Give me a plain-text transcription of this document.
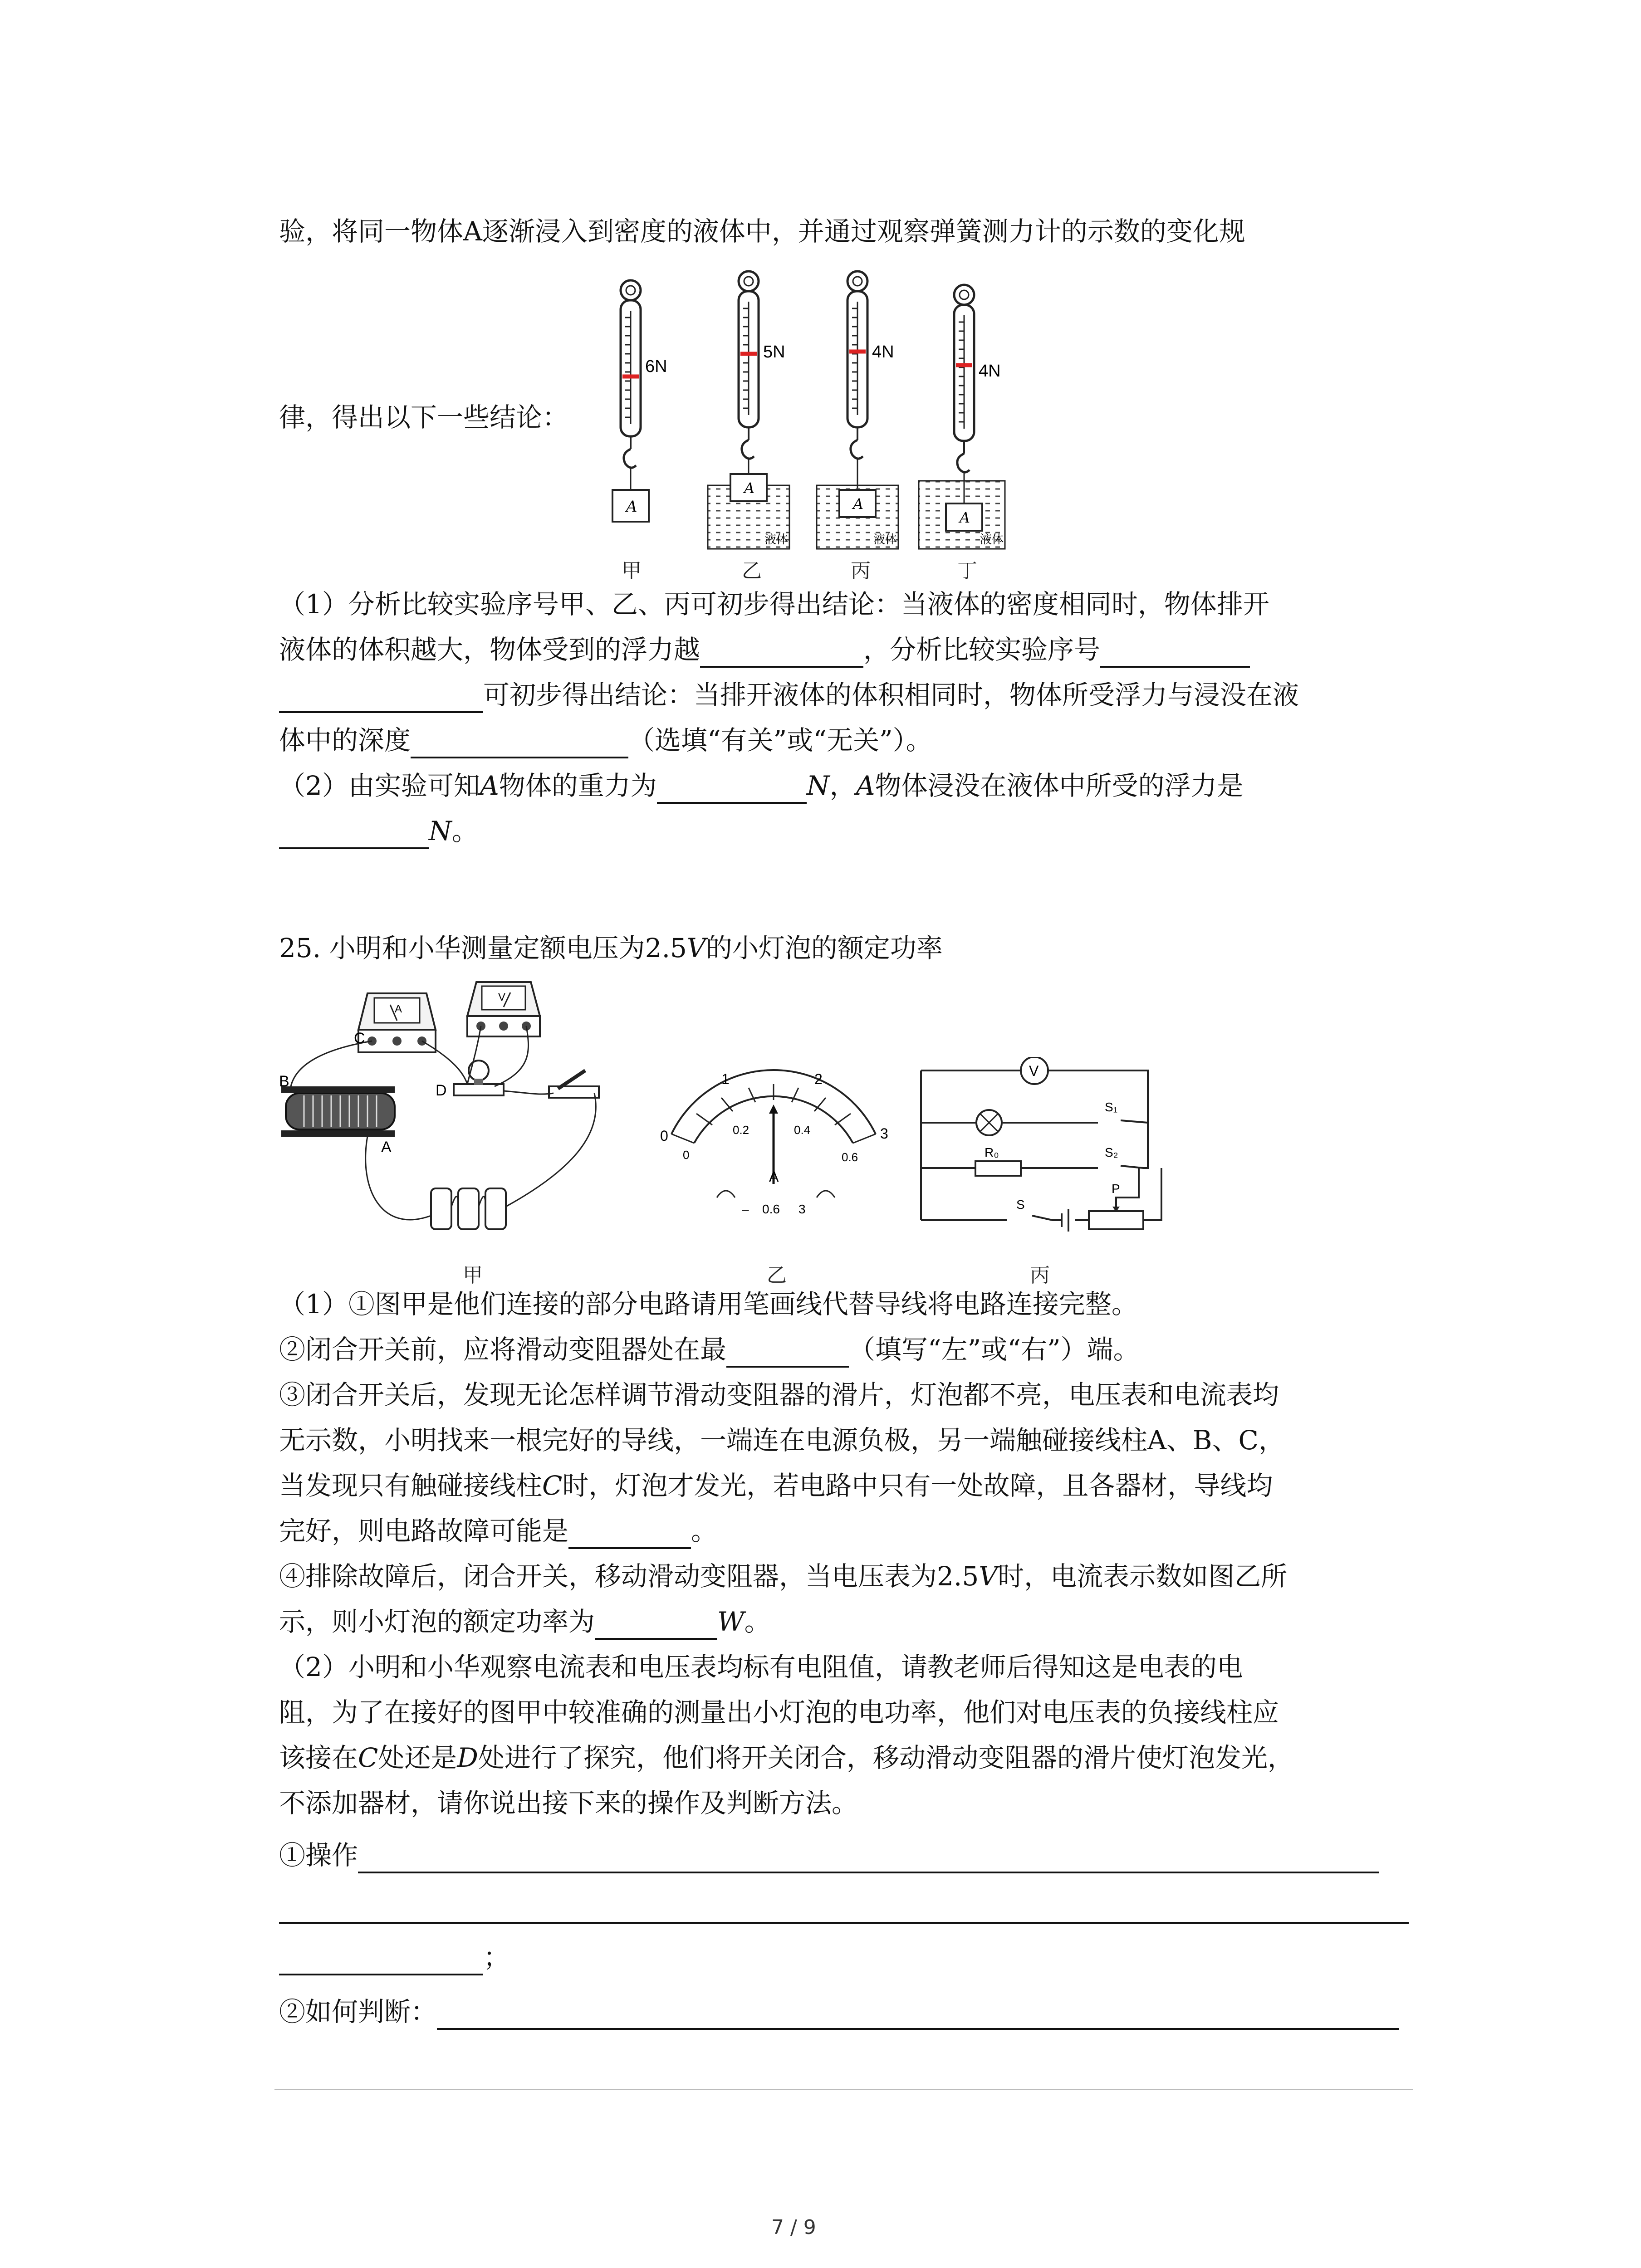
验，将同一物体A逐渐浸入到密度的液体中，并通过观察弹簧测力计的示数的变化规
6N
A
5N
A
液体
4N
A
液体
4N
A
液体
律，得出以下一些结论：
甲	乙	丙	丁
（1）分析比较实验序号甲、乙、丙可初步得出结论：当液体的密度相同时，物体排开
液体的体积越大，物体受到的浮力越	，分析比较实验序号
可初步得出结论：当排开液体的体积相同时，物体所受浮力与浸没在液
体中的深度	（选填“有关”或“无关”）。
（2）由实验可知A物体的重力为	N，A物体浸没在液体中所受的浮力是
N。
25. 小明和小华测量定额电压为2.5V的小灯泡的额定功率
A
V
C
B
D
A
0
1	2
3
0
0.2	0.4
0.6
A
– 0.6 3
V
S₁
S₂
R₀
P
S
甲	乙	丙
（1）①图甲是他们连接的部分电路请用笔画线代替导线将电路连接完整。
②闭合开关前，应将滑动变阻器处在最	（填写“左”或“右”）端。
③闭合开关后，发现无论怎样调节滑动变阻器的滑片，灯泡都不亮，电压表和电流表均
无示数，小明找来一根完好的导线，一端连在电源负极，另一端触碰接线柱A、B、C，
当发现只有触碰接线柱C时，灯泡才发光，若电路中只有一处故障，且各器材，导线均
完好，则电路故障可能是	。
④排除故障后，闭合开关，移动滑动变阻器，当电压表为2.5V时，电流表示数如图乙所
示，则小灯泡的额定功率为	W。
（2）小明和小华观察电流表和电压表均标有电阻值，请教老师后得知这是电表的电
阻，为了在接好的图甲中较准确的测量出小灯泡的电功率，他们对电压表的负接线柱应
该接在C处还是D处进行了探究，他们将开关闭合，移动滑动变阻器的滑片使灯泡发光，
不添加器材，请你说出接下来的操作及判断方法。
①操作
；
②如何判断：
7 / 9
